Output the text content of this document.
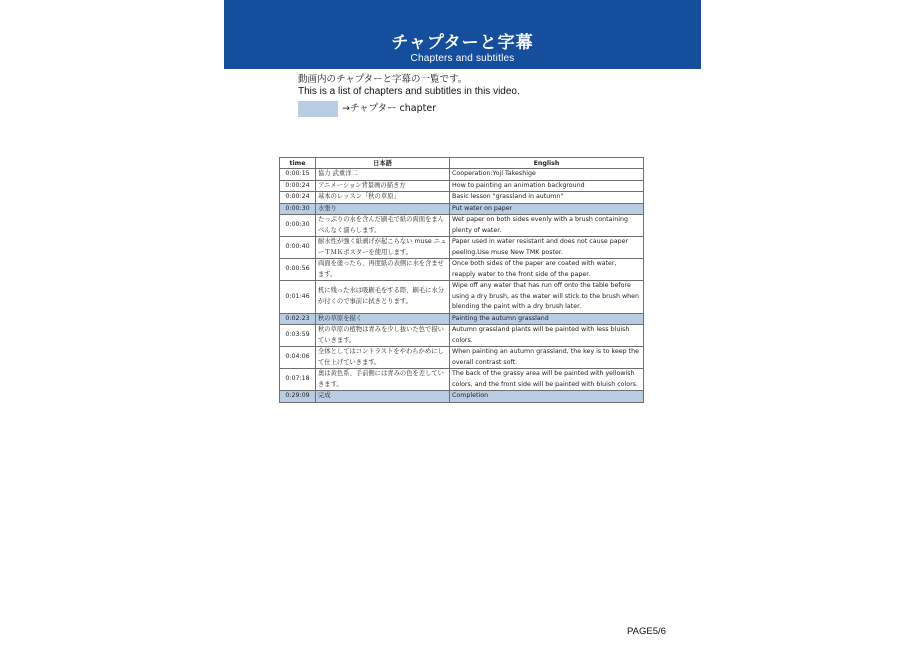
チャプターと字幕
Chapters and subtitles
動画内のチャプターと字幕の一覧です。
This is a list of chapters and subtitles in this video.
→チャプター chapter
time	日本語	English
0:00:15	協力 武重洋二	Cooperation:Yoji Takeshige
0:00:24	アニメーション背景画の描き方	How to painting an animation background
0:00:24	基本のレッスン「秋の草原」	Basic lesson "grassland in autumn"
0:00:30	水張り	Put water on paper
0:00:30	たっぷりの水を含んだ刷毛で紙の両面をまんべんなく濡らします。	Wet paper on both sides evenly with a brush containing plenty of water.
0:00:40	耐水性が強く紙剥げが起こらない muse ニューＴＭＫポスターを使用します。	Paper used in water resistant and does not cause paper peeling.Use muse New TMK poster.
0:00:56	両面を塗ったら、再度紙の表側に水を含ませます。	Once both sides of the paper are coated with water, reapply water to the front side of the paper.
0:01:46	机に残った水は吸刷毛をする際、刷毛に水分が付くので事前に拭きとります。	Wipe off any water that has run off onto the table before using a dry brush, as the water will stick to the brush when blending the paint with a dry brush later.
0:02:23	秋の草原を描く	Painting the autumn grassland
0:03:59	秋の草原の植物は青みを少し抜いた色で描いていきます。	Autumn grassland plants will be painted with less bluish colors.
0:04:06	全体としてはコントラストをやわらかめにして仕上げていきます。	When painting an autumn grassland, the key is to keep the overall contrast soft.
0:07:18	奥は黄色系、手前側には青みの色を差していきます。	The back of the grassy area will be painted with yellowish colors, and the front side will be painted with bluish colors.
0:29:09	完成	Completion
PAGE5/6
